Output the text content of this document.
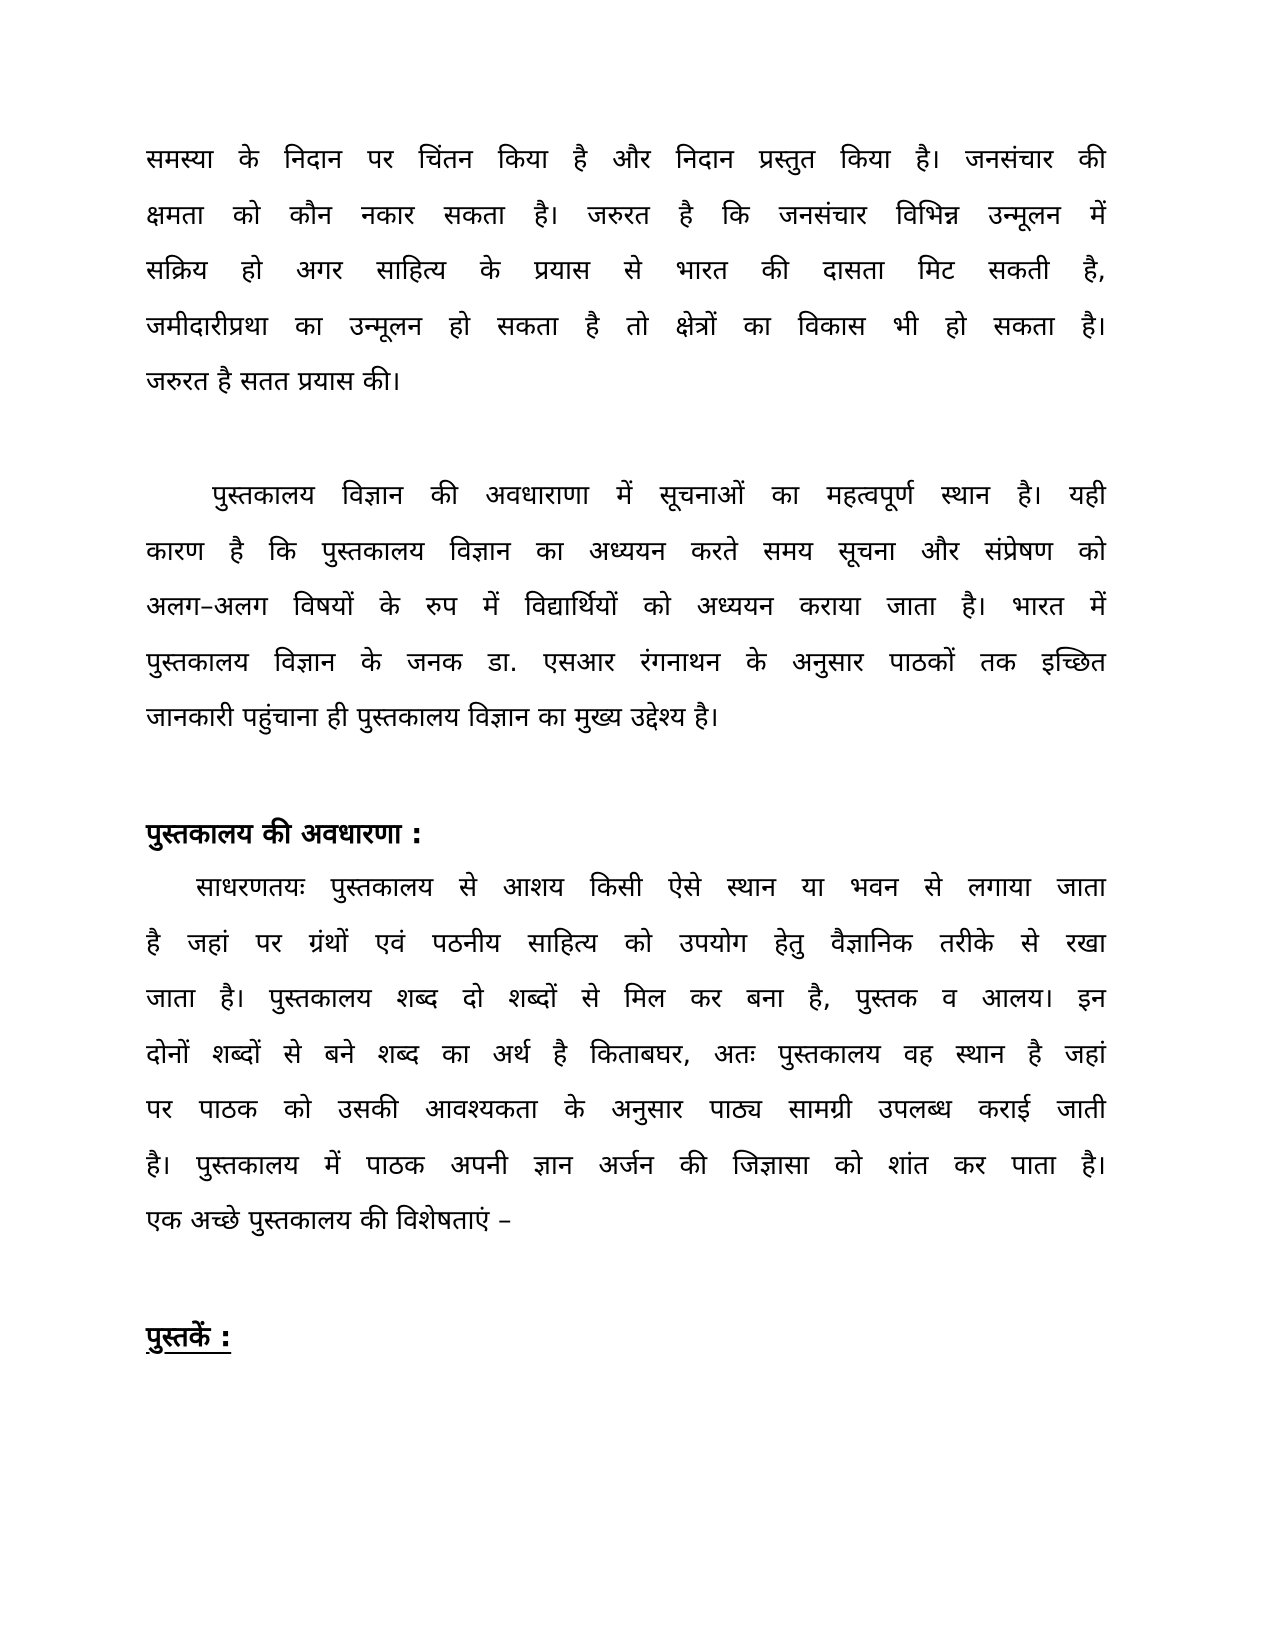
समस्या के निदान पर चिंतन किया है और निदान प्रस्तुत किया है। जनसंचार की
क्षमता को कौन नकार सकता है। जरुरत है कि जनसंचार विभिन्न उन्मूलन में
सक्रिय हो अगर साहित्य के प्रयास से भारत की दासता मिट सकती है,
जमीदारीप्रथा का उन्मूलन हो सकता है तो क्षेत्रों का विकास भी हो सकता है।
जरुरत है सतत प्रयास की।
पुस्तकालय विज्ञान की अवधाराणा में सूचनाओं का महत्वपूर्ण स्थान है। यही
कारण है कि पुस्तकालय विज्ञान का अध्ययन करते समय सूचना और संप्रेषण को
अलग–अलग विषयों के रुप में विद्यार्थियों को अध्ययन कराया जाता है। भारत में
पुस्तकालय विज्ञान के जनक डा. एसआर रंगनाथन के अनुसार पाठकों तक इच्छित
जानकारी पहुंचाना ही पुस्तकालय विज्ञान का मुख्य उद्देश्य है।
पुस्तकालय की अवधारणा :
साधरणतयः पुस्तकालय से आशय किसी ऐसे स्थान या भवन से लगाया जाता
है जहां पर ग्रंथों एवं पठनीय साहित्य को उपयोग हेतु वैज्ञानिक तरीके से रखा
जाता है। पुस्तकालय शब्द दो शब्दों से मिल कर बना है, पुस्तक व आलय। इन
दोनों शब्दों से बने शब्द का अर्थ है किताबघर, अतः पुस्तकालय वह स्थान है जहां
पर पाठक को उसकी आवश्यकता के अनुसार पाठ्य सामग्री उपलब्ध कराई जाती
है। पुस्तकालय में पाठक अपनी ज्ञान अर्जन की जिज्ञासा को शांत कर पाता है।
एक अच्छे पुस्तकालय की विशेषताएं –
पुस्तकें :
